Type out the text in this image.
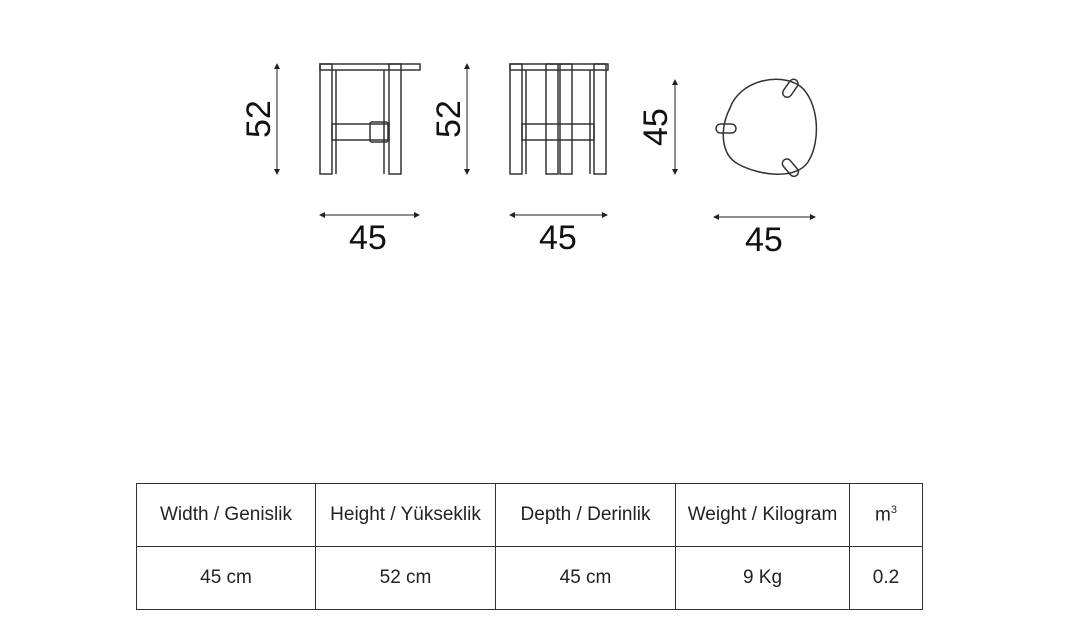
52
45
52
45
45
45
Width / Genislik	Height / Yükseklik	Depth / Derinlik	Weight / Kilogram	$m^3$
45 cm	52 cm	45 cm	9 Kg	0.2
